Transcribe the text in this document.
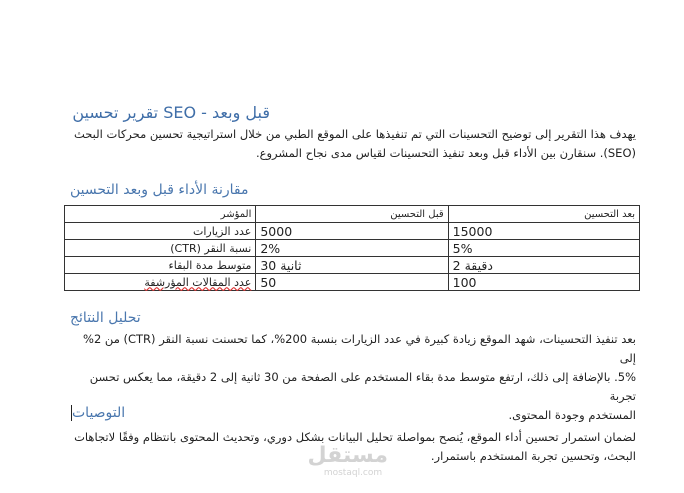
قبل وبعد - SEO تقرير تحسين
يهدف هذا التقرير إلى توضيح التحسينات التي تم تنفيذها على الموقع الطبي من خلال استراتيجية تحسين محركات البحث
(SEO). سنقارن بين الأداء قبل وبعد تنفيذ التحسينات لقياس مدى نجاح المشروع.
مقارنة الأداء قبل وبعد التحسين
المؤشر	قبل التحسين	بعد التحسين
عدد الزيارات	5000	15000
نسبة النقر (CTR)	2%	5%
متوسط مدة البقاء	30 ثانية	2 دقيقة
عدد المقالات المؤرشفة	50	100
تحليل النتائج
بعد تنفيذ التحسينات، شهد الموقع زيادة كبيرة في عدد الزيارات بنسبة 200%، كما تحسنت نسبة النقر (CTR) من 2% إلى
5%. بالإضافة إلى ذلك، ارتفع متوسط مدة بقاء المستخدم على الصفحة من 30 ثانية إلى 2 دقيقة، مما يعكس تحسن تجربة
المستخدم وجودة المحتوى.
التوصيات
لضمان استمرار تحسين أداء الموقع، يُنصح بمواصلة تحليل البيانات بشكل دوري، وتحديث المحتوى بانتظام وفقًا لاتجاهات
البحث، وتحسين تجربة المستخدم باستمرار.
مستقل
mostaql.com
